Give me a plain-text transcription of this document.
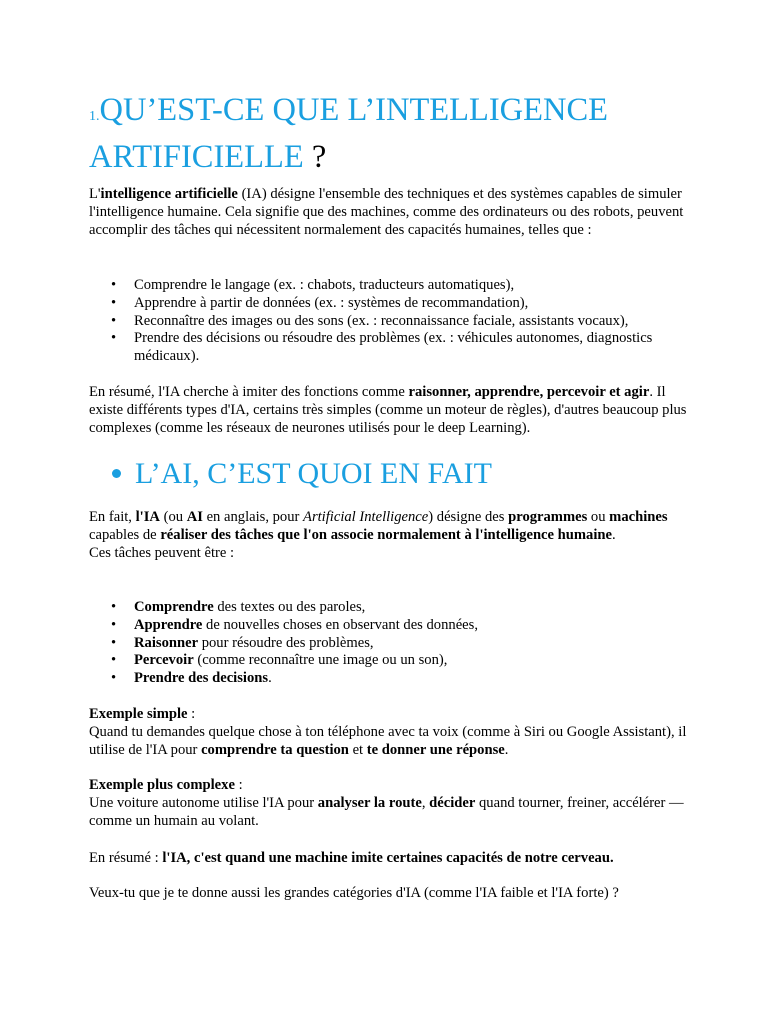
1.QU’EST-CE QUE L’INTELLIGENCE ARTIFICIELLE ?

L'intelligence artificielle (IA) désigne l'ensemble des techniques et des systèmes capables de simuler l'intelligence humaine. Cela signifie que des machines, comme des ordinateurs ou des robots, peuvent accomplir des tâches qui nécessitent normalement des capacités humaines, telles que :

• Comprendre le langage (ex. : chabots, traducteurs automatiques),
• Apprendre à partir de données (ex. : systèmes de recommandation),
• Reconnaître des images ou des sons (ex. : reconnaissance faciale, assistants vocaux),
• Prendre des décisions ou résoudre des problèmes (ex. : véhicules autonomes, diagnostics médicaux).

En résumé, l'IA cherche à imiter des fonctions comme raisonner, apprendre, percevoir et agir. Il existe différents types d'IA, certains très simples (comme un moteur de règles), d'autres beaucoup plus complexes (comme les réseaux de neurones utilisés pour le deep Learning).

L’AI, C’EST QUOI EN FAIT

En fait, l'IA (ou AI en anglais, pour Artificial Intelligence) désigne des programmes ou machines capables de réaliser des tâches que l'on associe normalement à l'intelligence humaine.

Ces tâches peuvent être :

• Comprendre des textes ou des paroles,
• Apprendre de nouvelles choses en observant des données,
• Raisonner pour résoudre des problèmes,
• Percevoir (comme reconnaître une image ou un son),
• Prendre des decisions.

Exemple simple :

Quand tu demandes quelque chose à ton téléphone avec ta voix (comme à Siri ou Google Assistant), il utilise de l'IA pour comprendre ta question et te donner une réponse.

Exemple plus complexe :

Une voiture autonome utilise l'IA pour analyser la route, décider quand tourner, freiner, accélérer — comme un humain au volant.

En résumé : l'IA, c'est quand une machine imite certaines capacités de notre cerveau.

Veux-tu que je te donne aussi les grandes catégories d'IA (comme l'IA faible et l'IA forte) ?
